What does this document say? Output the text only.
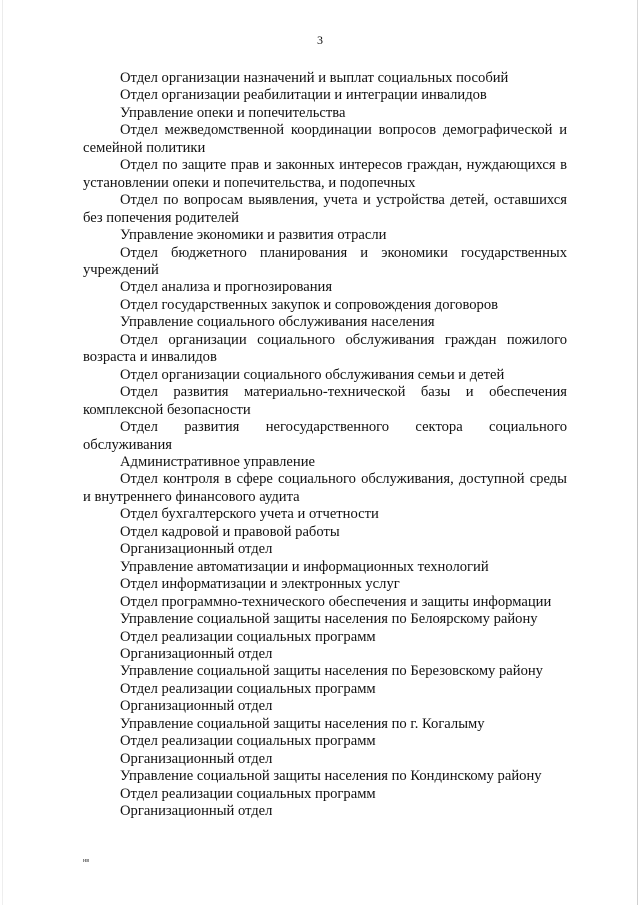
3

Отдел организации назначений и выплат социальных пособий

Отдел организации реабилитации и интеграции инвалидов

Управление опеки и попечительства

Отдел межведомственной координации вопросов демографической и семейной политики

Отдел по защите прав и законных интересов граждан, нуждающихся в установлении опеки и попечительства, и подопечных

Отдел по вопросам выявления, учета и устройства детей, оставшихся без попечения родителей

Управление экономики и развития отрасли

Отдел бюджетного планирования и экономики государственных учреждений

Отдел анализа и прогнозирования

Отдел государственных закупок и сопровождения договоров

Управление социального обслуживания населения

Отдел организации социального обслуживания граждан пожилого возраста и инвалидов

Отдел организации социального обслуживания семьи и детей

Отдел развития материально-технической базы и обеспечения комплексной безопасности

Отдел развития негосударственного сектора социального обслуживания

Административное управление

Отдел контроля в сфере социального обслуживания, доступной среды и внутреннего финансового аудита

Отдел бухгалтерского учета и отчетности

Отдел кадровой и правовой работы

Организационный отдел

Управление автоматизации и информационных технологий

Отдел информатизации и электронных услуг

Отдел программно-технического обеспечения и защиты информации

Управление социальной защиты населения по Белоярскому району

Отдел реализации социальных программ

Организационный отдел

Управление социальной защиты населения по Березовскому району

Отдел реализации социальных программ

Организационный отдел

Управление социальной защиты населения по г. Когалыму

Отдел реализации социальных программ

Организационный отдел

Управление социальной защиты населения по Кондинскому району

Отдел реализации социальных программ

Организационный отдел

нв
